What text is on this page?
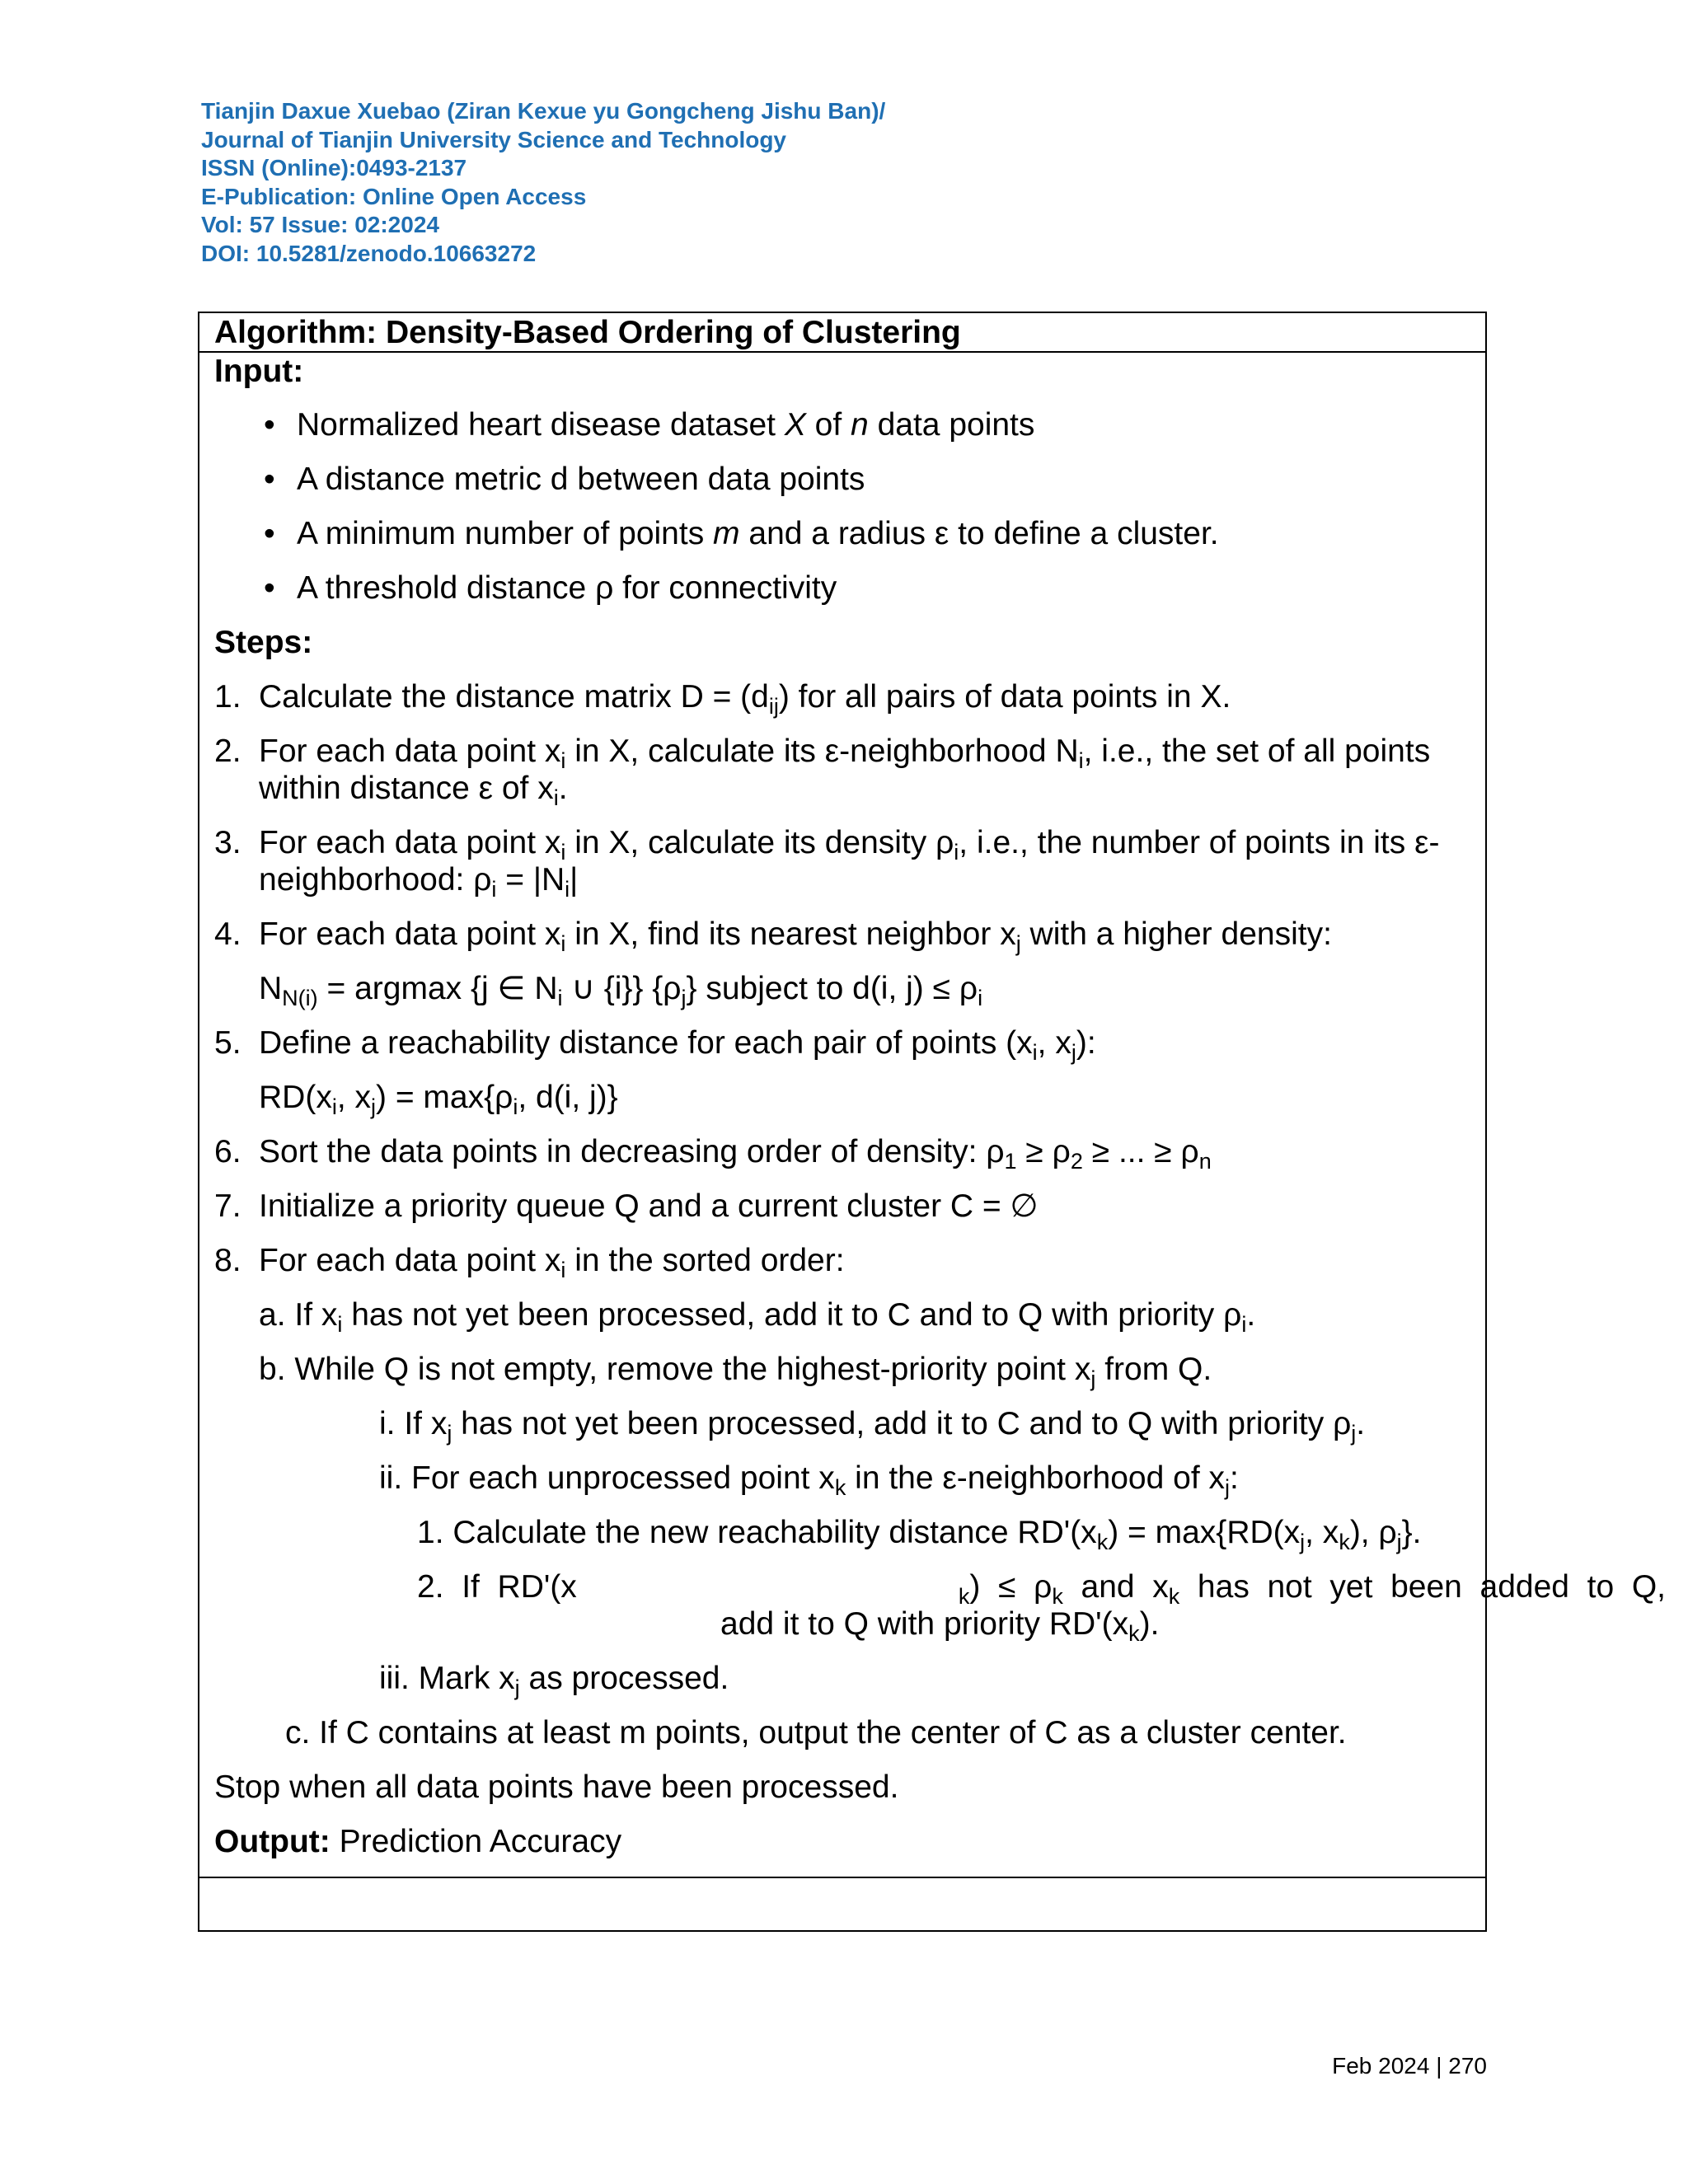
Tianjin Daxue Xuebao (Ziran Kexue yu Gongcheng Jishu Ban)/
Journal of Tianjin University Science and Technology
ISSN (Online):0493-2137
E-Publication: Online Open Access
Vol: 57 Issue: 02:2024
DOI: 10.5281/zenodo.10663272
Algorithm: Density-Based Ordering of Clustering
Input:
• Normalized heart disease dataset X of n data points
• A distance metric d between data points
• A minimum number of points m and a radius ε to define a cluster.
• A threshold distance ρ for connectivity
Steps:
1. Calculate the distance matrix $D = (d_{ij})$ for all pairs of data points in X.
2. For each data point $x_i$ in X, calculate its ε-neighborhood $N_i$, i.e., the set of all points
within distance ε of $x_i$.
3. For each data point $x_i$ in X, calculate its density $\rho_i$, i.e., the number of points in its ε-
neighborhood: $\rho_i = |N_i|$
4. For each data point $x_i$ in X, find its nearest neighbor $x_j$ with a higher density:
$N_{N(i)} = argmax$ {j ∈ $N_i$ ∪ {i}} $\{\rho_j\}$ subject to d(i, $j) \le \rho_i$
5. Define a reachability distance for each pair of points ($x_i$, $x_j$):
$RD(x_i$, $x_j) = \max\{\rho_i$, d(i, j)}
6. Sort the data points in decreasing order of density: $\rho_1 \ge \rho_2$ ≥ ... ≥ $\rho_n$
7. Initialize a priority queue Q and a current cluster C = ∅
8. For each data point $x_i$ in the sorted order:
a. If $x_i$ has not yet been processed, add it to C and to Q with priority $\rho_i$.
b. While Q is not empty, remove the highest-priority point $x_j$ from Q.
i. If $x_j$ has not yet been processed, add it to C and to Q with priority $\rho_j$.
ii. For each unprocessed point $x_k$ in the ε-neighborhood of $x_j$:
1. Calculate the new reachability distance $RD'(x_k) = \max\{RD(x_j$, $x_k$), $\rho_j$}.
2.  If  RD'(x	$_k) \le \rho_k$  and  $x_k$  has  not  yet  been  added  to  Q,
add it to Q with priority $RD'(x_k)$.
iii. Mark $x_j$ as processed.
c. If C contains at least m points, output the center of C as a cluster center.
Stop when all data points have been processed.
Output: Prediction Accuracy
Feb 2024 | 270
